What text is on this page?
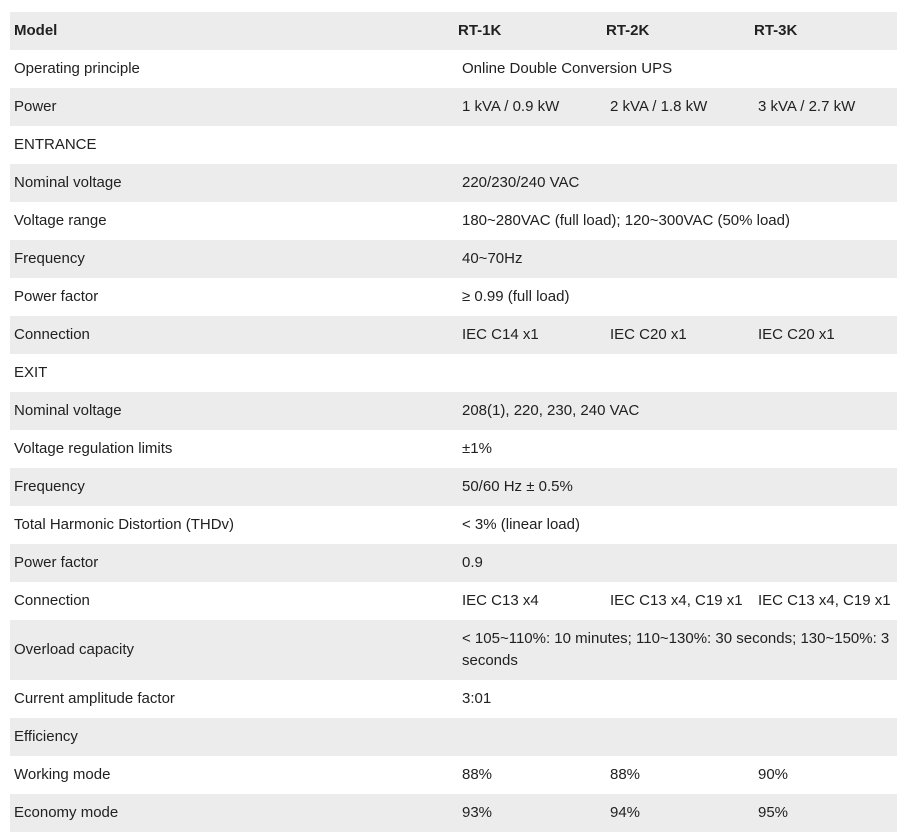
Model	RT-1K	RT-2K	RT-3K
Operating principle	Online Double Conversion UPS		
Power	1 kVA / 0.9 kW	2 kVA / 1.8 kW	3 kVA / 2.7 kW
ENTRANCE			
Nominal voltage	220/230/240 VAC		
Voltage range	180~280VAC (full load); 120~300VAC (50% load)		
Frequency	40~70Hz		
Power factor	≥ 0.99 (full load)		
Connection	IEC C14 x1	IEC C20 x1	IEC C20 x1
EXIT			
Nominal voltage	208(1), 220, 230, 240 VAC		
Voltage regulation limits	±1%		
Frequency	50/60 Hz ± 0.5%		
Total Harmonic Distortion (THDv)	< 3% (linear load)		
Power factor	0.9		
Connection	IEC C13 x4	IEC C13 x4, C19 x1	IEC C13 x4, C19 x1
Overload capacity	< 105~110%: 10 minutes; 110~130%: 30 seconds; 130~150%: 3 seconds		
Current amplitude factor	3:01		
Efficiency			
Working mode	88%	88%	90%
Economy mode	93%	94%	95%
